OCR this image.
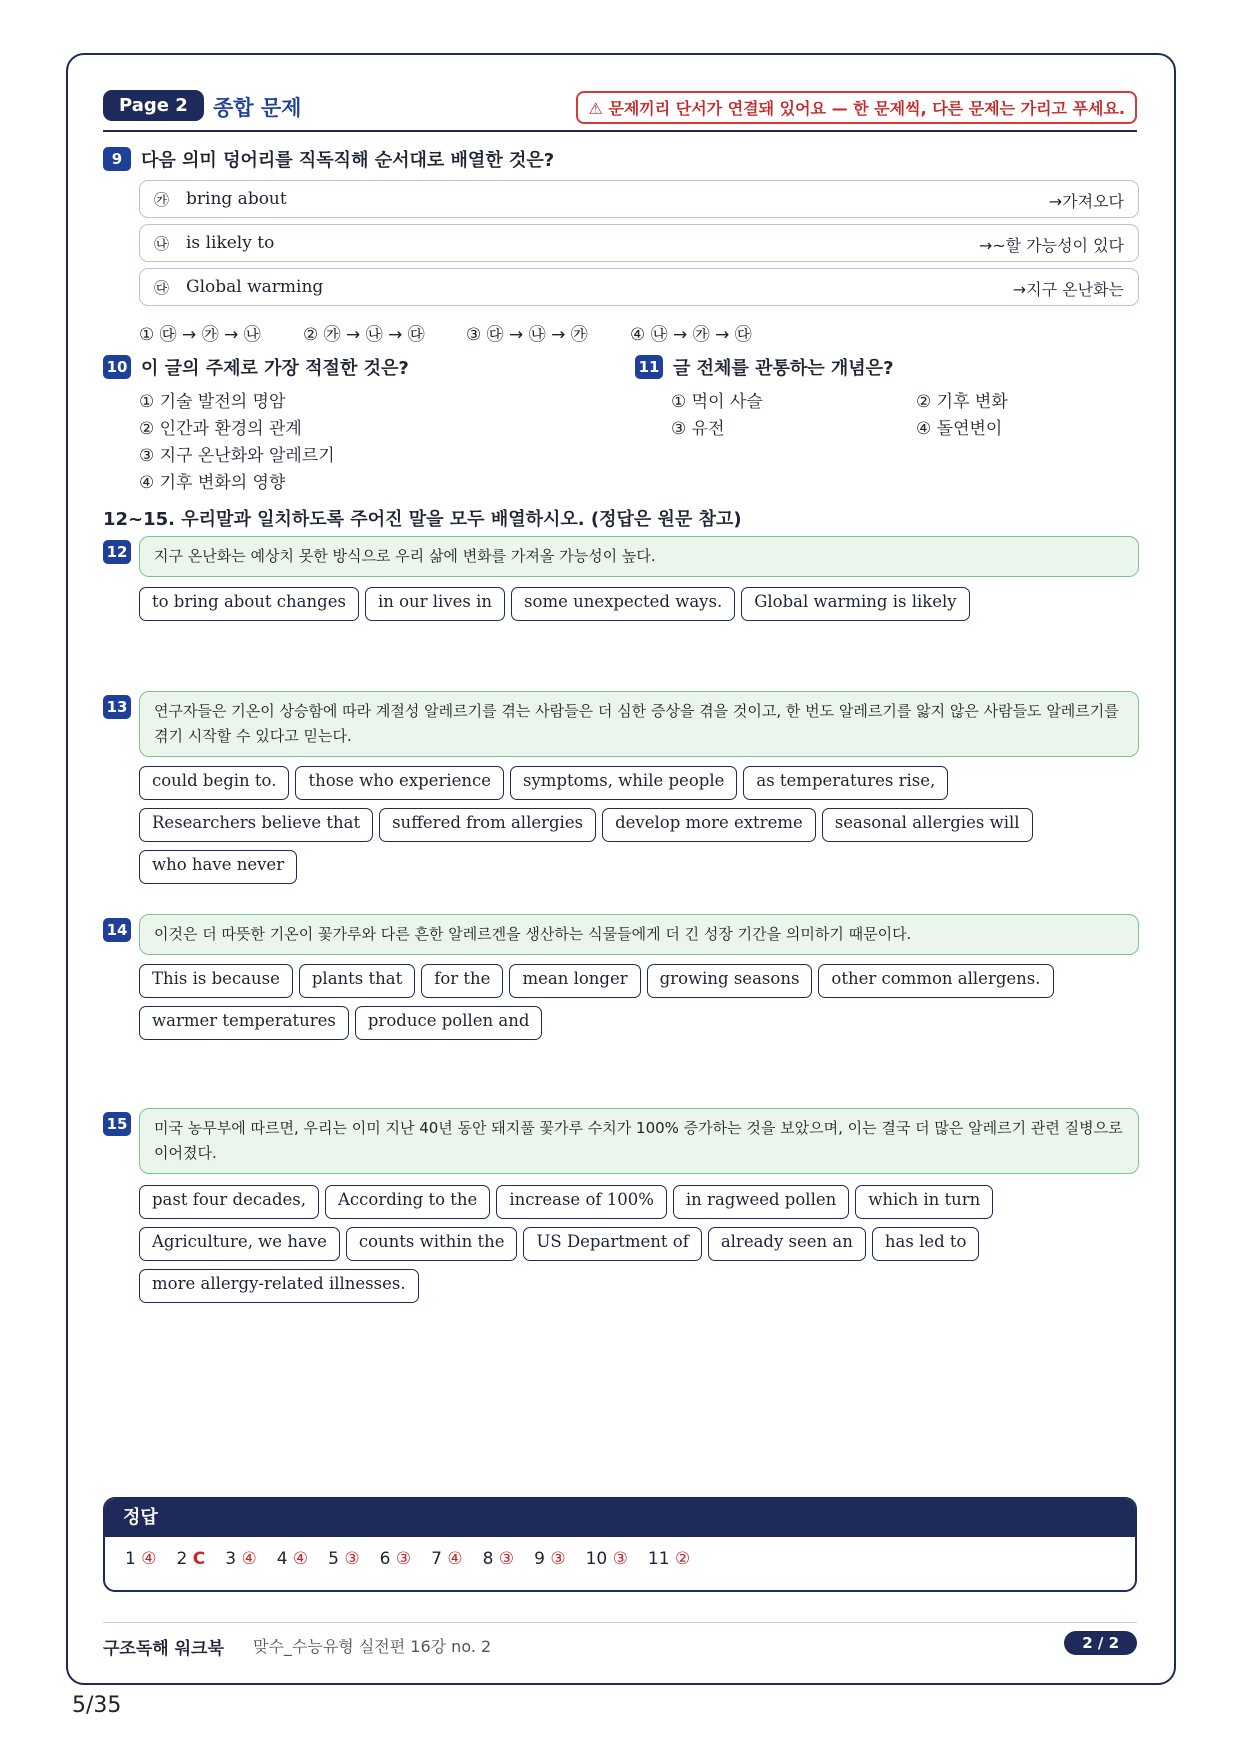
Page 2	종합 문제	⚠ 문제끼리 단서가 연결돼 있어요 — 한 문제씩, 다른 문제는 가리고 푸세요.
9	다음 의미 덩어리를 직독직해 순서대로 배열한 것은?
㉮ bring about	→가져오다
㉯ is likely to	→~할 가능성이 있다
㉰ Global warming	→지구 온난화는
① ㉰ → ㉮ → ㉯ ② ㉮ → ㉯ → ㉰ ③ ㉰ → ㉯ → ㉮ ④ ㉯ → ㉮ → ㉰
10 이 글의 주제로 가장 적절한 것은?
① 기술 발전의 명암
② 인간과 환경의 관계
③ 지구 온난화와 알레르기
④ 기후 변화의 영향
11 글 전체를 관통하는 개념은?
① 먹이 사슬	② 기후 변화
③ 유전	④ 돌연변이
12~15. 우리말과 일치하도록 주어진 말을 모두 배열하시오. (정답은 원문 참고)
12	지구 온난화는 예상치 못한 방식으로 우리 삶에 변화를 가져올 가능성이 높다.
to bring about changes	in our lives in	some unexpected ways.	Global warming is likely
13	연구자들은 기온이 상승함에 따라 계절성 알레르기를 겪는 사람들은 더 심한 증상을 겪을 것이고, 한 번도 알레르기를 앓지 않은 사람들도 알레르기를 겪기 시작할 수 있다고 믿는다.
could begin to.	those who experience	symptoms, while people	as temperatures rise,
Researchers believe that	suffered from allergies	develop more extreme	seasonal allergies will
who have never
14	이것은 더 따뜻한 기온이 꽃가루와 다른 흔한 알레르겐을 생산하는 식물들에게 더 긴 성장 기간을 의미하기 때문이다.
This is because	plants that	for the	mean longer	growing seasons	other common allergens.
warmer temperatures	produce pollen and
15	미국 농무부에 따르면, 우리는 이미 지난 40년 동안 돼지풀 꽃가루 수치가 100% 증가하는 것을 보았으며, 이는 결국 더 많은 알레르기 관련 질병으로 이어졌다.
past four decades,	According to the	increase of 100%	in ragweed pollen	which in turn
Agriculture, we have	counts within the	US Department of	already seen an	has led to
more allergy-related illnesses.
정답
1 ④ 2 C 3 ④ 4 ④ 5 ③ 6 ③ 7 ④ 8 ③ 9 ③ 10 ③ 11 ②
구조독해 워크북 맞수_수능유형 실전편 16강 no. 2	2 / 2
5/35
